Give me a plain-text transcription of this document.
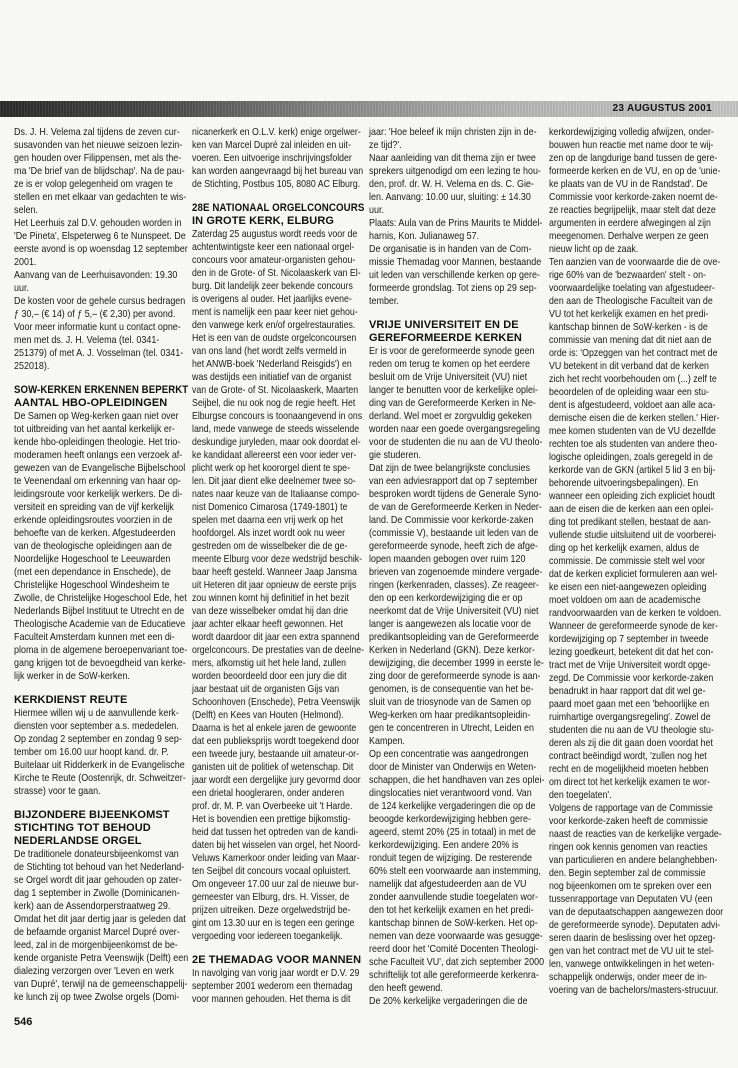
23 AUGUSTUS 2001
Ds. J. H. Velema zal tijdens de zeven cur-
susavonden van het nieuwe seizoen lezin-
gen houden over Filippensen, met als the-
ma 'De brief van de blijdschap'. Na de pau-
ze is er volop gelegenheid om vragen te
stellen en met elkaar van gedachten te wis-
selen.
Het Leerhuis zal D.V. gehouden worden in
'De Pineta', Elspeterweg 6 te Nunspeet. De
eerste avond is op woensdag 12 september
2001.
Aanvang van de Leerhuisavonden: 19.30
uur.
De kosten voor de gehele cursus bedragen
ƒ 30,– (€ 14) of ƒ 5,– (€ 2,30) per avond.
Voor meer informatie kunt u contact opne-
men met ds. J. H. Velema (tel. 0341-
251379) of met A. J. Vosselman (tel. 0341-
252018).
SOW-KERKEN ERKENNEN BEPERKT
AANTAL HBO-OPLEIDINGEN
De Samen op Weg-kerken gaan niet over
tot uitbreiding van het aantal kerkelijk er-
kende hbo-opleidingen theologie. Het trio-
moderamen heeft onlangs een verzoek af-
gewezen van de Evangelische Bijbelschool
te Veenendaal om erkenning van haar op-
leidingsroute voor kerkelijk werkers. De di-
versiteit en spreiding van de vijf kerkelijk
erkende opleidingsroutes voorzien in de
behoefte van de kerken. Afgestudeerden
van de theologische opleidingen aan de
Noordelijke Hogeschool te Leeuwarden
(met een dependance in Enschede), de
Christelijke Hogeschool Windesheim te
Zwolle, de Christelijke Hogeschool Ede, het
Nederlands Bijbel Instituut te Utrecht en de
Theologische Academie van de Educatieve
Faculteit Amsterdam kunnen met een di-
ploma in de algemene beroepenvariant toe-
gang krijgen tot de bevoegdheid van kerke-
lijk werker in de SoW-kerken.
KERKDIENST REUTE
Hiermee willen wij u de aanvullende kerk-
diensten voor september a.s. mededelen.
Op zondag 2 september en zondag 9 sep-
tember om 16.00 uur hoopt kand. dr. P.
Buitelaar uit Ridderkerk in de Evangelische
Kirche te Reute (Oostenrijk, dr. Schweitzer-
strasse) voor te gaan.
BIJZONDERE BIJEENKOMST
STICHTING TOT BEHOUD
NEDERLANDSE ORGEL
De traditionele donateursbijeenkomst van
de Stichting tot behoud van het Nederland-
se Orgel wordt dit jaar gehouden op zater-
dag 1 september in Zwolle (Dominicanen-
kerk) aan de Assendorperstraatweg 29.
Omdat het dit jaar dertig jaar is geleden dat
de befaamde organist Marcel Dupré over-
leed, zal in de morgenbijeenkomst de be-
kende organiste Petra Veenswijk (Delft) een
dialezing verzorgen over 'Leven en werk
van Dupré', terwijl na de gemeenschappelij-
ke lunch zij op twee Zwolse orgels (Domi-
nicanerkerk en O.L.V. kerk) enige orgelwer-
ken van Marcel Dupré zal inleiden en uit-
voeren. Een uitvoerige inschrijvingsfolder
kan worden aangevraagd bij het bureau van
de Stichting, Postbus 105, 8080 AC Elburg.
28E NATIONAAL ORGELCONCOURS
IN GROTE KERK, ELBURG
Zaterdag 25 augustus wordt reeds voor de
achtentwintigste keer een nationaal orgel-
concours voor amateur-organisten gehou-
den in de Grote- of St. Nicolaaskerk van El-
burg. Dit landelijk zeer bekende concours
is overigens al ouder. Het jaarlijks evene-
ment is namelijk een paar keer niet gehou-
den vanwege kerk en/of orgelrestauraties.
Het is een van de oudste orgelconcoursen
van ons land (het wordt zelfs vermeld in
het ANWB-boek 'Nederland Reisgids') en
was destijds een initiatief van de organist
van de Grote- of St. Nicolaaskerk, Maarten
Seijbel, die nu ook nog de regie heeft. Het
Elburgse concours is toonaangevend in ons
land, mede vanwege de steeds wisselende
deskundige juryleden, maar ook doordat el-
ke kandidaat allereerst een voor ieder ver-
plicht werk op het koororgel dient te spe-
len. Dit jaar dient elke deelnemer twee so-
nates naar keuze van de Italiaanse compo-
nist Domenico Cimarosa (1749-1801) te
spelen met daarna een vrij werk op het
hoofdorgel. Als inzet wordt ook nu weer
gestreden om de wisselbeker die de ge-
meente Elburg voor deze wedstrijd beschik-
baar heeft gesteld. Wanneer Jaap Jansma
uit Heteren dit jaar opnieuw de eerste prijs
zou winnen komt hij definitief in het bezit
van deze wisselbeker omdat hij dan drie
jaar achter elkaar heeft gewonnen. Het
wordt daardoor dit jaar een extra spannend
orgelconcours. De prestaties van de deelne-
mers, afkomstig uit het hele land, zullen
worden beoordeeld door een jury die dit
jaar bestaat uit de organisten Gijs van
Schoonhoven (Enschede), Petra Veenswijk
(Delft) en Kees van Houten (Helmond).
Daarna is het al enkele jaren de gewoonte
dat een publieksprijs wordt toegekend door
een tweede jury, bestaande uit amateur-or-
ganisten uit de politiek of wetenschap. Dit
jaar wordt een dergelijke jury gevormd door
een drietal hoogleraren, onder anderen
prof. dr. M. P. van Overbeeke uit 't Harde.
Het is bovendien een prettige bijkomstig-
heid dat tussen het optreden van de kandi-
daten bij het wisselen van orgel, het Noord-
Veluws Kamerkoor onder leiding van Maar-
ten Seijbel dit concours vocaal opluistert.
Om ongeveer 17.00 uur zal de nieuwe bur-
gemeester van Elburg, drs. H. Visser, de
prijzen uitreiken. Deze orgelwedstrijd be-
gint om 13.30 uur en is tegen een geringe
vergoeding voor iedereen toegankelijk.
2E THEMADAG VOOR MANNEN
In navolging van vorig jaar wordt er D.V. 29
september 2001 wederom een themadag
voor mannen gehouden. Het thema is dit
jaar: 'Hoe beleef ik mijn christen zijn in de-
ze tijd?'.
Naar aanleiding van dit thema zijn er twee
sprekers uitgenodigd om een lezing te hou-
den, prof. dr. W. H. Velema en ds. C. Gie-
len. Aanvang: 10.00 uur, sluiting: ± 14.30
uur.
Plaats: Aula van de Prins Maurits te Middel-
harnis, Kon. Julianaweg 57.
De organisatie is in handen van de Com-
missie Themadag voor Mannen, bestaande
uit leden van verschillende kerken op gere-
formeerde grondslag. Tot ziens op 29 sep-
tember.
VRIJE UNIVERSITEIT EN DE
GEREFORMEERDE KERKEN
Er is voor de gereformeerde synode geen
reden om terug te komen op het eerdere
besluit om de Vrije Universiteit (VU) niet
langer te benutten voor de kerkelijke oplei-
ding van de Gereformeerde Kerken in Ne-
derland. Wel moet er zorgvuldig gekeken
worden naar een goede overgangsregeling
voor de studenten die nu aan de VU theolo-
gie studeren.
Dat zijn de twee belangrijkste conclusies
van een adviesrapport dat op 7 september
besproken wordt tijdens de Generale Syno-
de van de Gereformeerde Kerken in Neder-
land. De Commissie voor kerkorde-zaken
(commissie V), bestaande uit leden van de
gereformeerde synode, heeft zich de afge-
lopen maanden gebogen over ruim 120
brieven van zogenoemde mindere vergade-
ringen (kerkenraden, classes). Ze reageer-
den op een kerkordewijziging die er op
neerkomt dat de Vrije Universiteit (VU) niet
langer is aangewezen als locatie voor de
predikantsopleiding van de Gereformeerde
Kerken in Nederland (GKN). Deze kerkor-
dewijziging, die december 1999 in eerste le-
zing door de gereformeerde synode is aan-
genomen, is de consequentie van het be-
sluit van de triosynode van de Samen op
Weg-kerken om haar predikantsopleidin-
gen te concentreren in Utrecht, Leiden en
Kampen.
Op een concentratie was aangedrongen
door de Minister van Onderwijs en Weten-
schappen, die het handhaven van zes oplei-
dingslocaties niet verantwoord vond. Van
de 124 kerkelijke vergaderingen die op de
beoogde kerkordewijziging hebben gere-
ageerd, stemt 20% (25 in totaal) in met de
kerkordewijziging. Een andere 20% is
ronduit tegen de wijziging. De resterende
60% stelt een voorwaarde aan instemming,
namelijk dat afgestudeerden aan de VU
zonder aanvullende studie toegelaten wor-
den tot het kerkelijk examen en het predi-
kantschap binnen de SoW-kerken. Het op-
nemen van deze voorwaarde was gesugge-
reerd door het 'Comité Docenten Theologi-
sche Faculteit VU', dat zich september 2000
schriftelijk tot alle gereformeerde kerkenra-
den heeft gewend.
De 20% kerkelijke vergaderingen die de
kerkordewijziging volledig afwijzen, onder-
bouwen hun reactie met name door te wij-
zen op de langdurige band tussen de gere-
formeerde kerken en de VU, en op de 'unie-
ke plaats van de VU in de Randstad'. De
Commissie voor kerkorde-zaken noemt de-
ze reacties begrijpelijk, maar stelt dat deze
argumenten in eerdere afwegingen al zijn
meegenomen. Derhalve werpen ze geen
nieuw licht op de zaak.
Ten aanzien van de voorwaarde die de ove-
rige 60% van de 'bezwaarden' stelt - on-
voorwaardelijke toelating van afgestudeer-
den aan de Theologische Faculteit van de
VU tot het kerkelijk examen en het predi-
kantschap binnen de SoW-kerken - is de
commissie van mening dat dit niet aan de
orde is: 'Opzeggen van het contract met de
VU betekent in dit verband dat de kerken
zich het recht voorbehouden om (...) zelf te
beoordelen of de opleiding waar een stu-
dent is afgestudeerd, voldoet aan alle aca-
demische eisen die de kerken stellen.' Hier-
mee komen studenten van de VU dezelfde
rechten toe als studenten van andere theo-
logische opleidingen, zoals geregeld in de
kerkorde van de GKN (artikel 5 lid 3 en bij-
behorende uitvoeringsbepalingen). En
wanneer een opleiding zich expliciet houdt
aan de eisen die de kerken aan een oplei-
ding tot predikant stellen, bestaat de aan-
vullende studie uitsluitend uit de voorberei-
ding op het kerkelijk examen, aldus de
commissie. De commissie stelt wel voor
dat de kerken expliciet formuleren aan wel-
ke eisen een niet-aangewezen opleiding
moet voldoen om aan de academische
randvoorwaarden van de kerken te voldoen.
Wanneer de gereformeerde synode de ker-
kordewijziging op 7 september in tweede
lezing goedkeurt, betekent dit dat het con-
tract met de Vrije Universiteit wordt opge-
zegd. De Commissie voor kerkorde-zaken
benadrukt in haar rapport dat dit wel ge-
paard moet gaan met een 'behoorlijke en
ruimhartige overgangsregeling'. Zowel de
studenten die nu aan de VU theologie stu-
deren als zij die dit gaan doen voordat het
contract beëindigd wordt, 'zullen nog het
recht en de mogelijkheid moeten hebben
om direct tot het kerkelijk examen te wor-
den toegelaten'.
Volgens de rapportage van de Commissie
voor kerkorde-zaken heeft de commissie
naast de reacties van de kerkelijke vergade-
ringen ook kennis genomen van reacties
van particulieren en andere belanghebben-
den. Begin september zal de commissie
nog bijeenkomen om te spreken over een
tussenrapportage van Deputaten VU (een
van de deputaatschappen aangewezen door
de gereformeerde synode). Deputaten advi-
seren daarin de beslissing over het opzeg-
gen van het contract met de VU uit te stel-
len, vanwege ontwikkelingen in het weten-
schappelijk onderwijs, onder meer de in-
voering van de bachelors/masters-strucuur.
546
